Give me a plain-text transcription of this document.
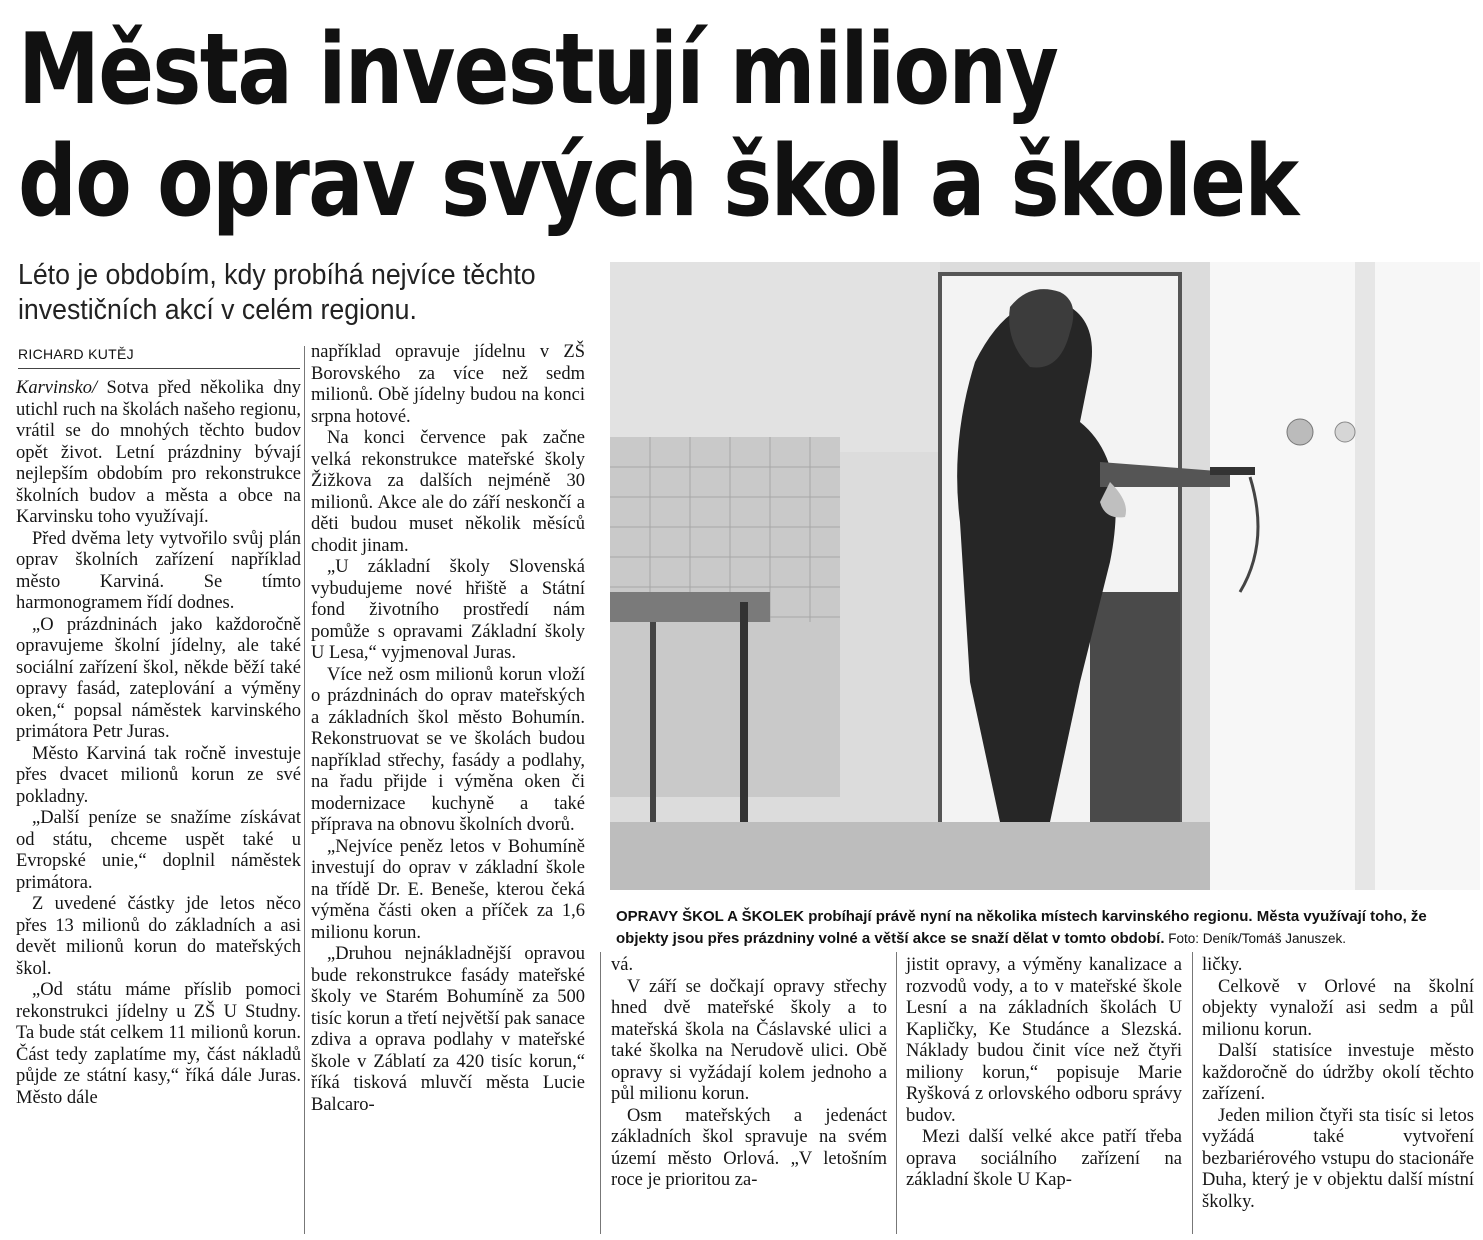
Města investují miliony
do oprav svých škol a školek
Léto je obdobím, kdy probíhá nejvíce těchto
investičních akcí v celém regionu.
RICHARD KUTĚJ

Karvinsko/ Sotva před několika dny utichl ruch na školách našeho regionu, vrátil se do mnohých těchto budov opět život. Letní prázdniny bývají nejlepším obdobím pro rekonstrukce školních budov a města a obce na Karvinsku toho využívají.

Před dvěma lety vytvořilo svůj plán oprav školních zařízení například město Karviná. Se tímto harmonogramem řídí dodnes.

„O prázdninách jako každoročně opravujeme školní jídelny, ale také sociální zařízení škol, někde běží také opravy fasád, zateplování a výměny oken,“ popsal náměstek karvinského primátora Petr Juras.

Město Karviná tak ročně investuje přes dvacet milionů korun ze své pokladny.

„Další peníze se snažíme získávat od státu, chceme uspět také u Evropské unie,“ doplnil náměstek primátora.

Z uvedené částky jde letos něco přes 13 milionů do základních a asi devět milionů korun do mateřských škol.

„Od státu máme příslib pomoci rekonstrukci jídelny u ZŠ U Studny. Ta bude stát celkem 11 milionů korun. Část tedy zaplatíme my, část nákladů půjde ze státní kasy,“ říká dále Juras. Město dále

například opravuje jídelnu v ZŠ Borovského za více než sedm milionů. Obě jídelny budou na konci srpna hotové.

Na konci července pak začne velká rekonstrukce mateřské školy Žižkova za dalších nejméně 30 milionů. Akce ale do září neskončí a děti budou muset několik měsíců chodit jinam.

„U základní školy Slovenská vybudujeme nové hřiště a Státní fond životního prostředí nám pomůže s opravami Základní školy U Lesa,“ vyjmenoval Juras.

Více než osm milionů korun vloží o prázdninách do oprav mateřských a základních škol město Bohumín. Rekonstruovat se ve školách budou například střechy, fasády a podlahy, na řadu přijde i výměna oken či modernizace kuchyně a také příprava na obnovu školních dvorů.

„Nejvíce peněz letos v Bohumíně investují do oprav v základní škole na třídě Dr. E. Beneše, kterou čeká výměna části oken a příček za 1,6 milionu korun.

„Druhou nejnákladnější opravou bude rekonstrukce fasády mateřské školy ve Starém Bohumíně za 500 tisíc korun a třetí největší pak sanace zdiva a oprava podlahy v mateřské škole v Záblatí za 420 tisíc korun,“ říká tisková mluvčí města Lucie Balcaro-

OPRAVY ŠKOL A ŠKOLEK probíhají právě nyní na několika místech karvinského regionu. Města využívají toho, že objekty jsou přes prázdniny volné a větší akce se snaží dělat v tomto období. Foto: Deník/Tomáš Januszek.

vá.

V září se dočkají opravy střechy hned dvě mateřské školy a to mateřská škola na Čáslavské ulici a také školka na Nerudově ulici. Obě opravy si vyžádají kolem jednoho a půl milionu korun.

Osm mateřských a jedenáct základních škol spravuje na svém území město Orlová. „V letošním roce je prioritou za-

jistit opravy, a výměny kanalizace a rozvodů vody, a to v mateřské škole Lesní a na základních školách U Kapličky, Ke Studánce a Slezská. Náklady budou činit více než čtyři miliony korun,“ popisuje Marie Ryšková z orlovského odboru správy budov.

Mezi další velké akce patří třeba oprava sociálního zařízení na základní škole U Kap-

ličky.

Celkově v Orlové na školní objekty vynaloží asi sedm a půl milionu korun.

Další statisíce investuje město každoročně do údržby okolí těchto zařízení.

Jeden milion čtyři sta tisíc si letos vyžádá také vytvoření bezbariérového vstupu do stacionáře Duha, který je v objektu další místní školky.
